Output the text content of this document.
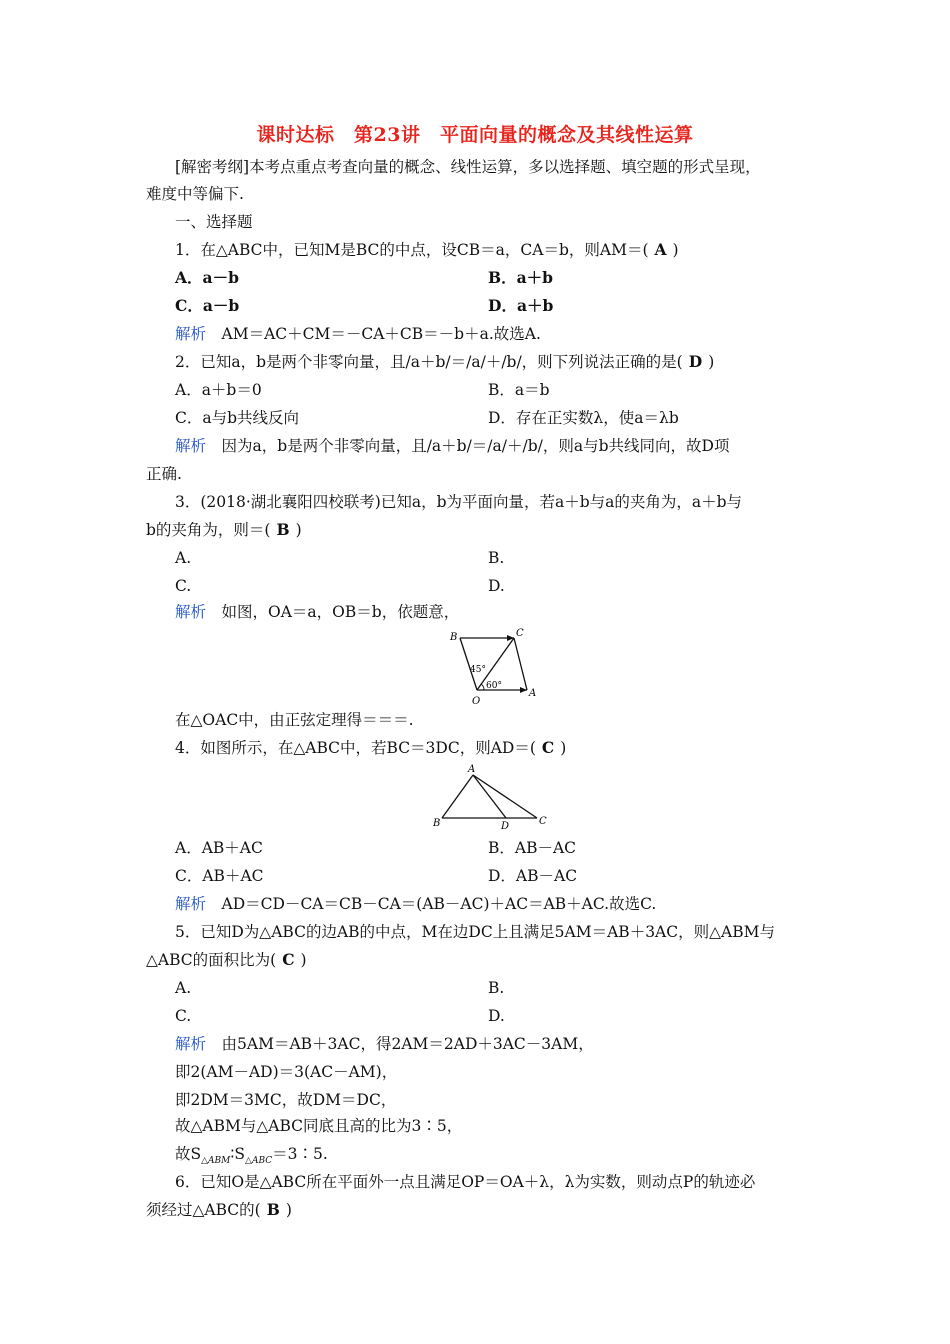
课时达标　第23讲　平面向量的概念及其线性运算
[解密考纲]本考点重点考查向量的概念、线性运算，多以选择题、填空题的形式呈现，
难度中等偏下.
一、选择题
1．在△ABC中，已知M是BC的中点，设CB＝a，CA＝b，则AM＝( A )
A．a－b	B．a＋b
C．a－b	D．a＋b
解析　 AM＝AC＋CM＝－CA＋CB＝－b＋a.故选A.
2．已知a，b是两个非零向量，且/a＋b/＝/a/＋/b/，则下列说法正确的是( D )
A．a＋b＝0	B．a＝b
C．a与b共线反向	D．存在正实数λ，使a＝λb
解析　 因为a，b是两个非零向量，且/a＋b/＝/a/＋/b/，则a与b共线同向，故D项
正确.
3．(2018·湖北襄阳四校联考)已知a，b为平面向量，若a＋b与a的夹角为，a＋b与
b的夹角为，则＝( B )
A.	B.
C.	D.
解析　 如图，OA＝a，OB＝b，依题意，
B	C
O
A
45°
60°
在△OAC中，由正弦定理得＝＝＝.
4．如图所示，在△ABC中，若BC＝3DC，则AD＝( C )
A
B	D	C
A．AB＋AC	B．AB－AC
C．AB＋AC	D．AB－AC
解析　 AD＝CD－CA＝CB－CA＝(AB－AC)＋AC＝AB＋AC.故选C.
5．已知D为△ABC的边AB的中点，M在边DC上且满足5AM＝AB＋3AC，则△ABM与
△ABC的面积比为( C )
A.	B.
C.	D.
解析　 由5AM＝AB＋3AC，得2AM＝2AD＋3AC－3AM，
即2(AM－AD)＝3(AC－AM)，
即2DM＝3MC，故DM＝DC，
故△ABM与△ABC同底且高的比为3∶5，
故$S_{\triangle ABM}∶S_{\triangle ABC}=3∶5$.
6．已知O是△ABC所在平面外一点且满足OP＝OA＋λ，λ为实数，则动点P的轨迹必
须经过△ABC的( B )
